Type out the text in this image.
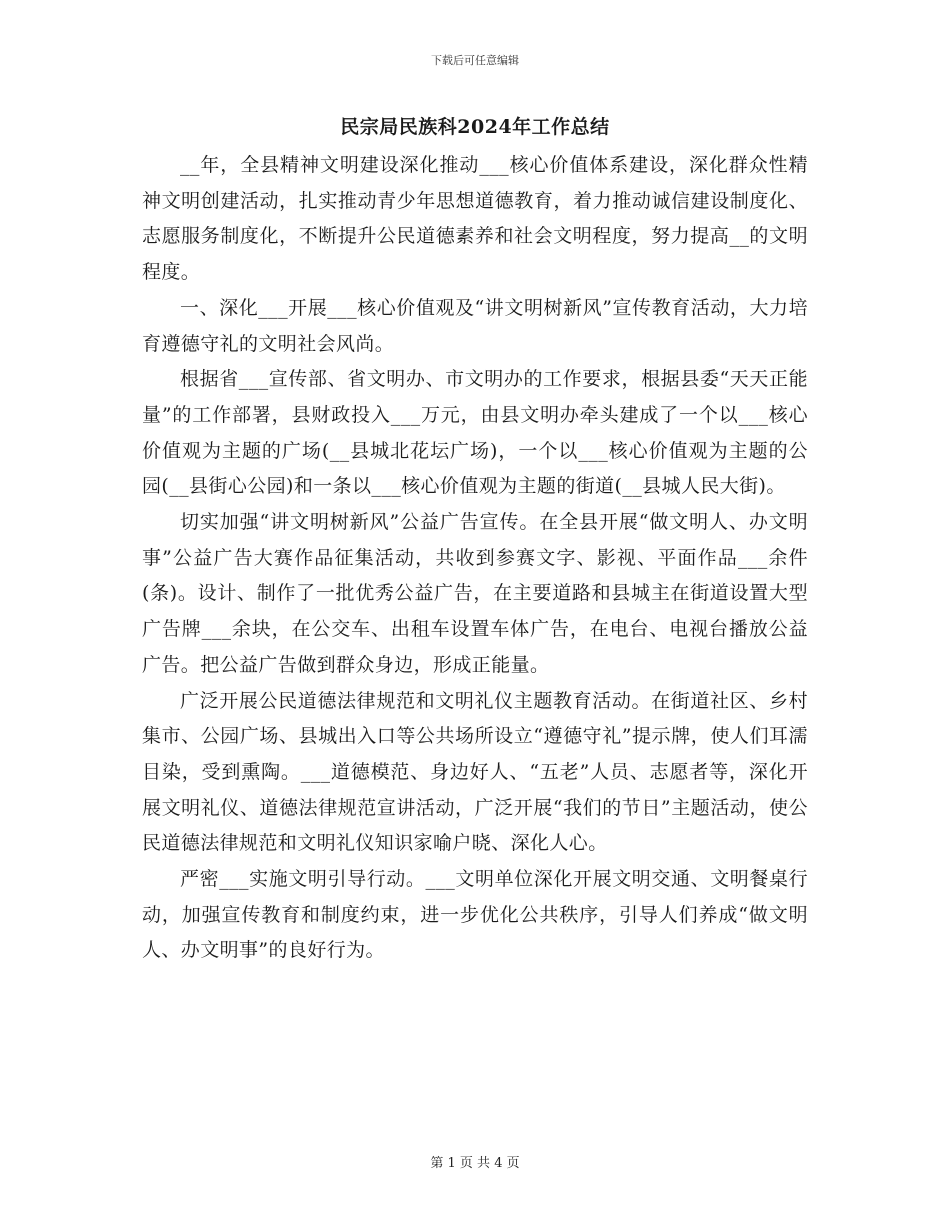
下载后可任意编辑
民宗局民族科2024年工作总结

__年，全县精神文明建设深化推动___核心价值体系建设，深化群众性精神文明创建活动，扎实推动青少年思想道德教育，着力推动诚信建设制度化、志愿服务制度化，不断提升公民道德素养和社会文明程度，努力提高__的文明程度。

一、深化___开展___核心价值观及“讲文明树新风”宣传教育活动，大力培育遵德守礼的文明社会风尚。

根据省___宣传部、省文明办、市文明办的工作要求，根据县委“天天正能量”的工作部署，县财政投入___万元，由县文明办牵头建成了一个以___核心价值观为主题的广场(__县城北花坛广场)，一个以___核心价值观为主题的公园(__县街心公园)和一条以___核心价值观为主题的街道(__县城人民大街)。

切实加强“讲文明树新风”公益广告宣传。在全县开展“做文明人、办文明事”公益广告大赛作品征集活动，共收到参赛文字、影视、平面作品___余件(条)。设计、制作了一批优秀公益广告，在主要道路和县城主在街道设置大型广告牌___余块，在公交车、出租车设置车体广告，在电台、电视台播放公益广告。把公益广告做到群众身边，形成正能量。

广泛开展公民道德法律规范和文明礼仪主题教育活动。在街道社区、乡村集市、公园广场、县城出入口等公共场所设立“遵德守礼”提示牌，使人们耳濡目染，受到熏陶。___道德模范、身边好人、“五老”人员、志愿者等，深化开展文明礼仪、道德法律规范宣讲活动，广泛开展“我们的节日”主题活动，使公民道德法律规范和文明礼仪知识家喻户晓、深化人心。

严密___实施文明引导行动。___文明单位深化开展文明交通、文明餐桌行动，加强宣传教育和制度约束，进一步优化公共秩序，引导人们养成“做文明人、办文明事”的良好行为。

第 1 页 共 4 页
